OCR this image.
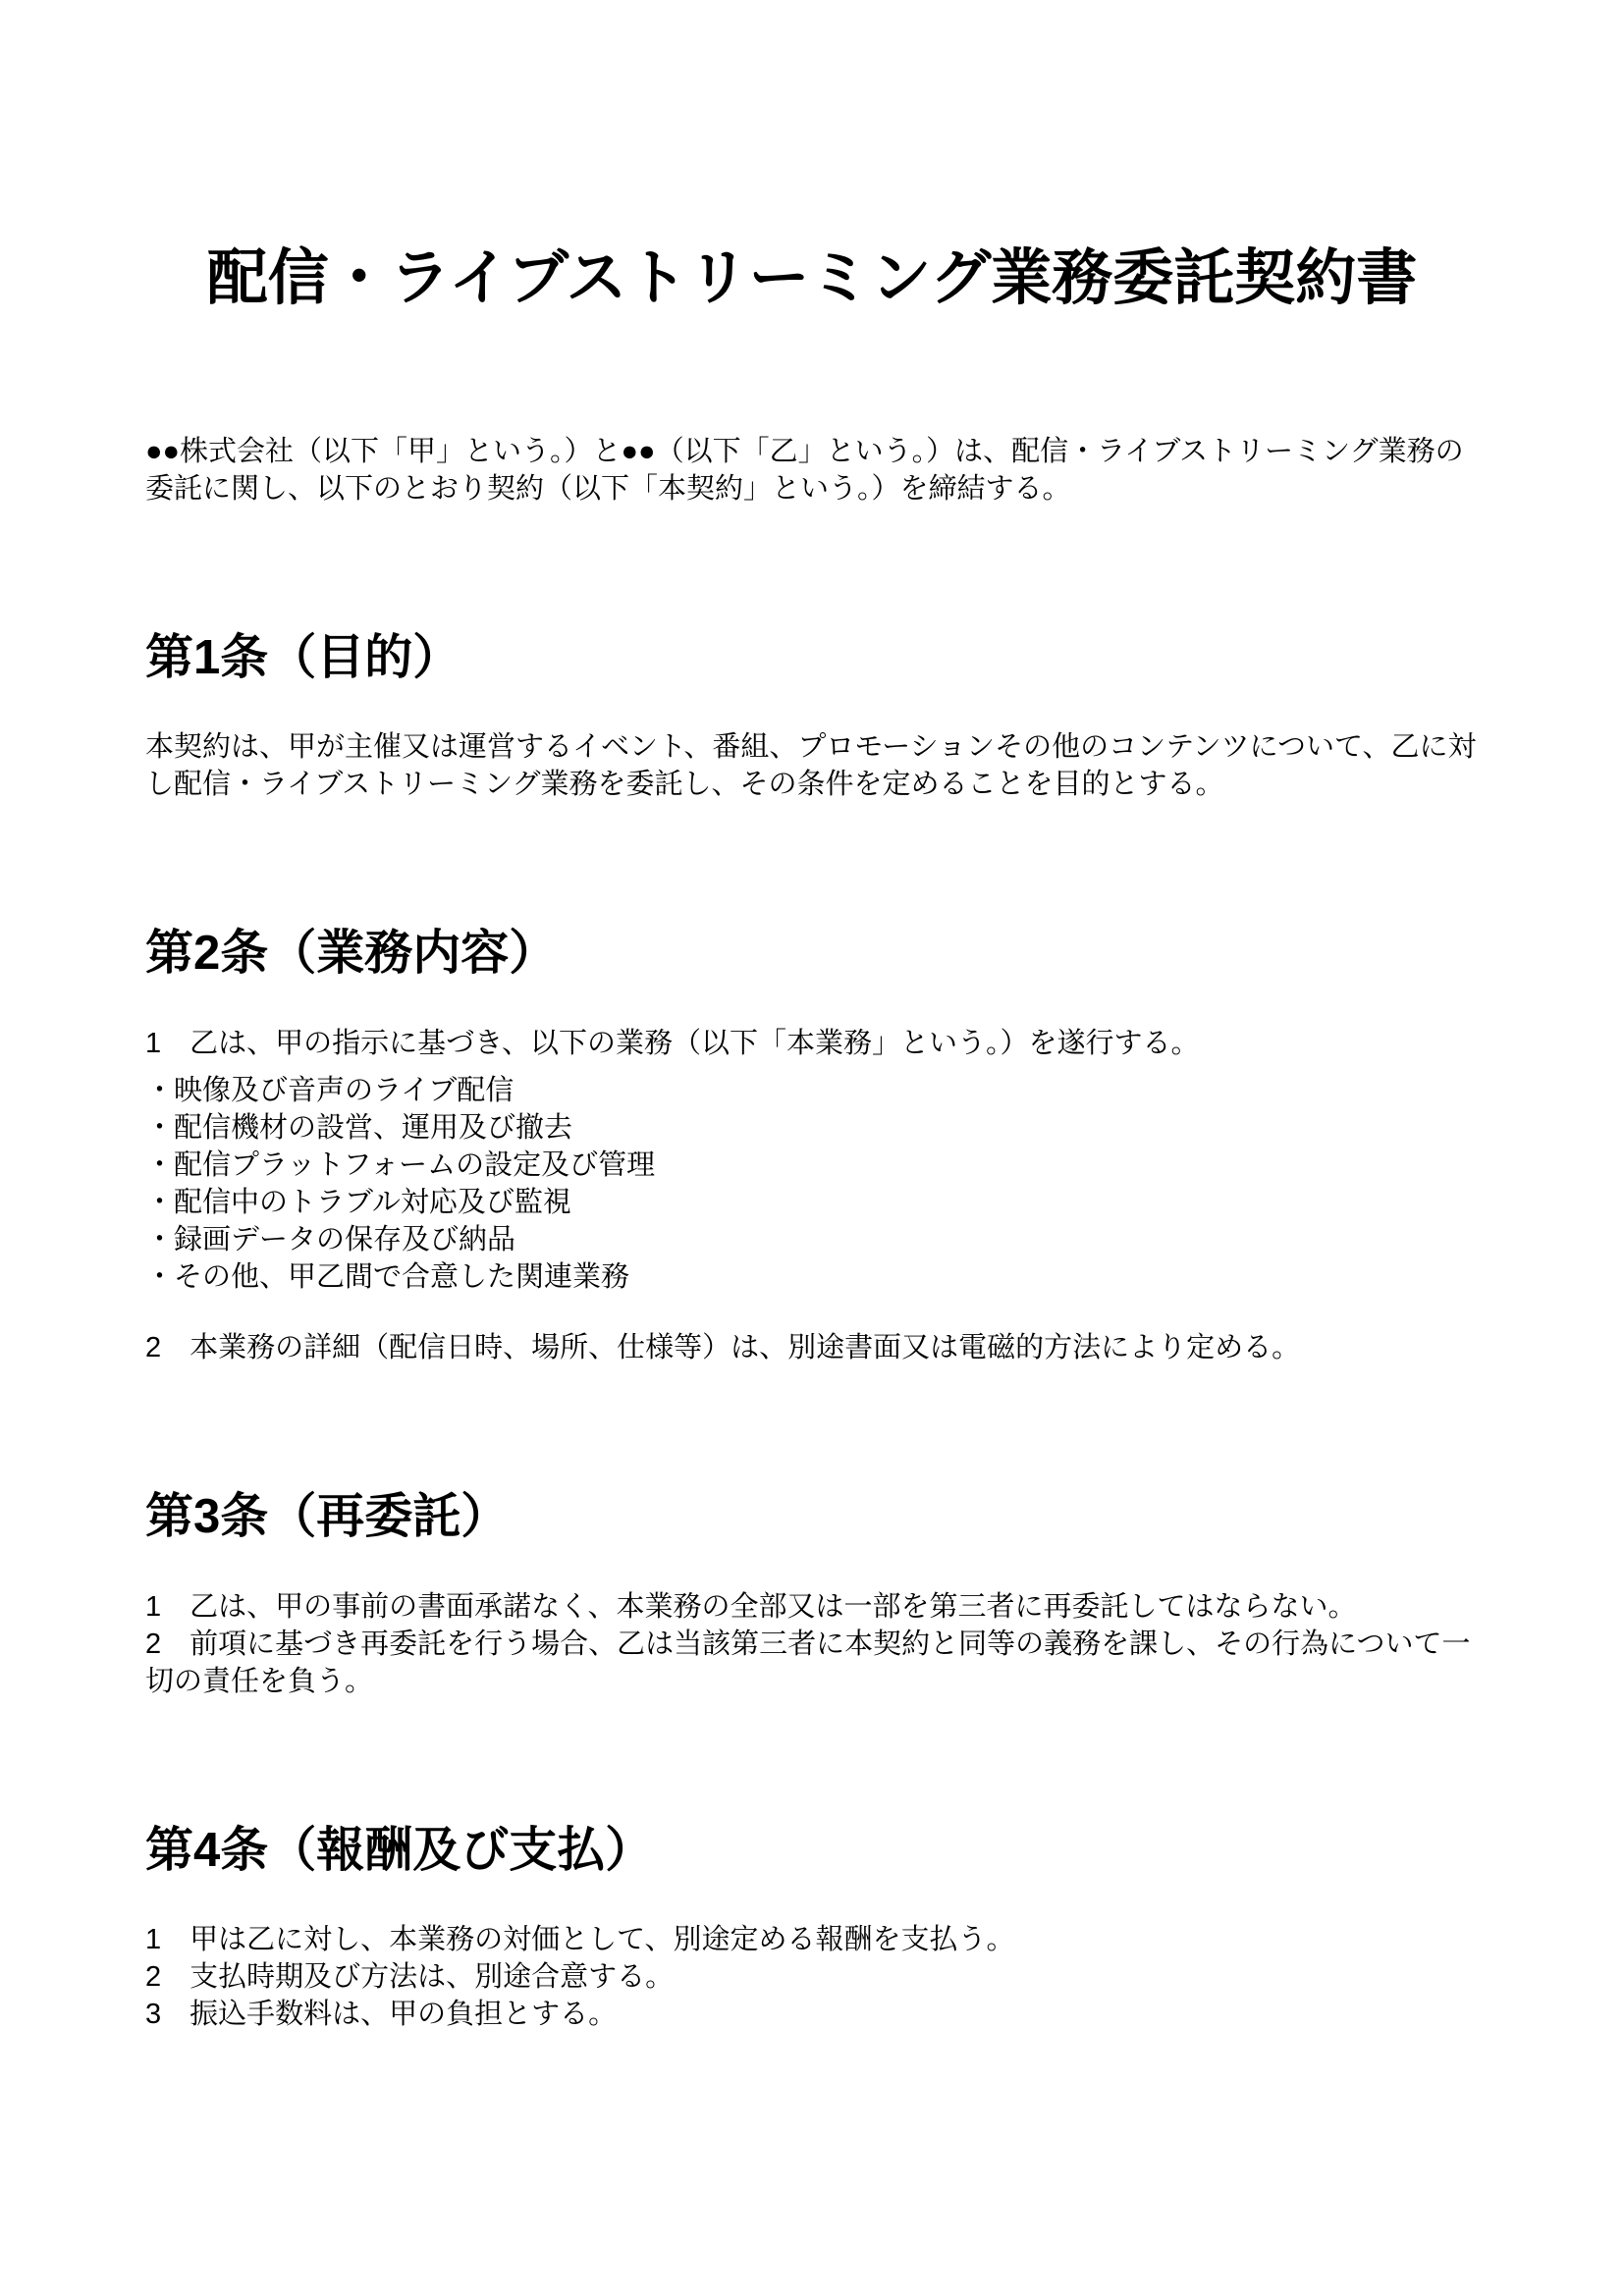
配信・ライブストリーミング業務委託契約書

●●株式会社（以下「甲」という。）と●●（以下「乙」という。）は、配信・ライブストリーミング業務の委託に関し、以下のとおり契約（以下「本契約」という。）を締結する。

第1条（目的）

本契約は、甲が主催又は運営するイベント、番組、プロモーションその他のコンテンツについて、乙に対し配信・ライブストリーミング業務を委託し、その条件を定めることを目的とする。

第2条（業務内容）

1　乙は、甲の指示に基づき、以下の業務（以下「本業務」という。）を遂行する。

・映像及び音声のライブ配信

・配信機材の設営、運用及び撤去

・配信プラットフォームの設定及び管理

・配信中のトラブル対応及び監視

・録画データの保存及び納品

・その他、甲乙間で合意した関連業務

2　本業務の詳細（配信日時、場所、仕様等）は、別途書面又は電磁的方法により定める。

第3条（再委託）

1　乙は、甲の事前の書面承諾なく、本業務の全部又は一部を第三者に再委託してはならない。

2　前項に基づき再委託を行う場合、乙は当該第三者に本契約と同等の義務を課し、その行為について一切の責任を負う。

第4条（報酬及び支払）

1　甲は乙に対し、本業務の対価として、別途定める報酬を支払う。

2　支払時期及び方法は、別途合意する。

3　振込手数料は、甲の負担とする。
